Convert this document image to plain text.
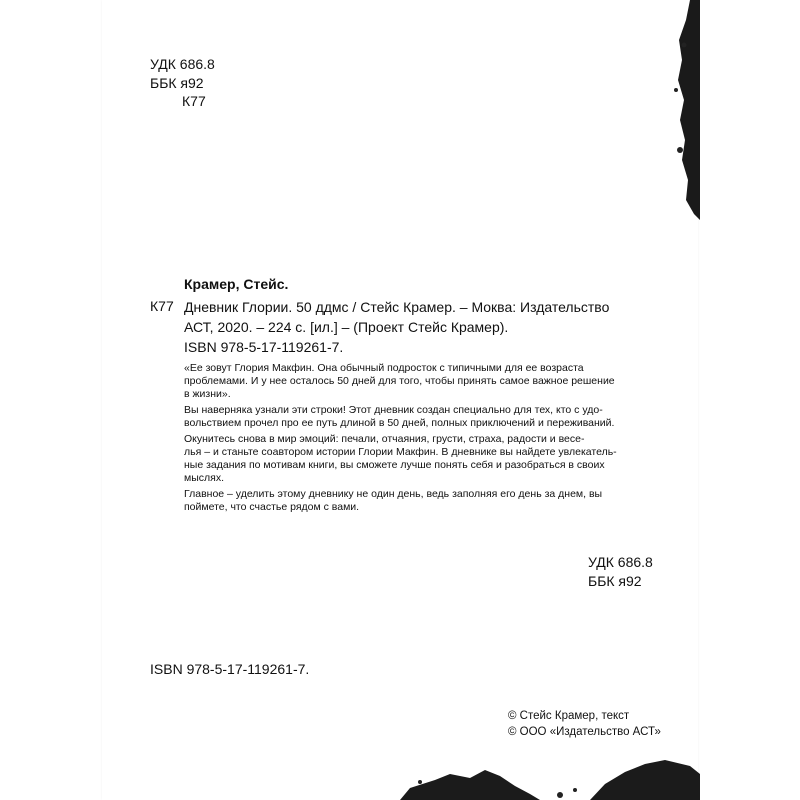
УДК 686.8
ББК я92
К77
Крамер, Стейс.
К77 Дневник Глории. 50 ддмс / Стейс Крамер. – Моква: Издательство
АСТ, 2020. – 224 с. [ил.] – (Проект Стейс Крамер).
ISBN 978-5-17-119261-7.

«Ее зовут Глория Макфин. Она обычный подросток с типичными для ее возраста
проблемами. И у нее осталось 50 дней для того, чтобы принять самое важное решение
в жизни».

Вы наверняка узнали эти строки! Этот дневник создан специально для тех, кто с удо-
вольствием прочел про ее путь длиной в 50 дней, полных приключений и переживаний.

Окунитесь снова в мир эмоций: печали, отчаяния, грусти, страха, радости и весе-
лья – и станьте соавтором истории Глории Макфин. В дневнике вы найдете увлекатель-
ные задания по мотивам книги, вы сможете лучше понять себя и разобраться в своих
мыслях.

Главное – уделить этому дневнику не один день, ведь заполняя его день за днем, вы
поймете, что счастье рядом с вами.

УДК 686.8
ББК я92
ISBN 978-5-17-119261-7.
© Стейс Крамер, текст
© ООО «Издательство АСТ»
